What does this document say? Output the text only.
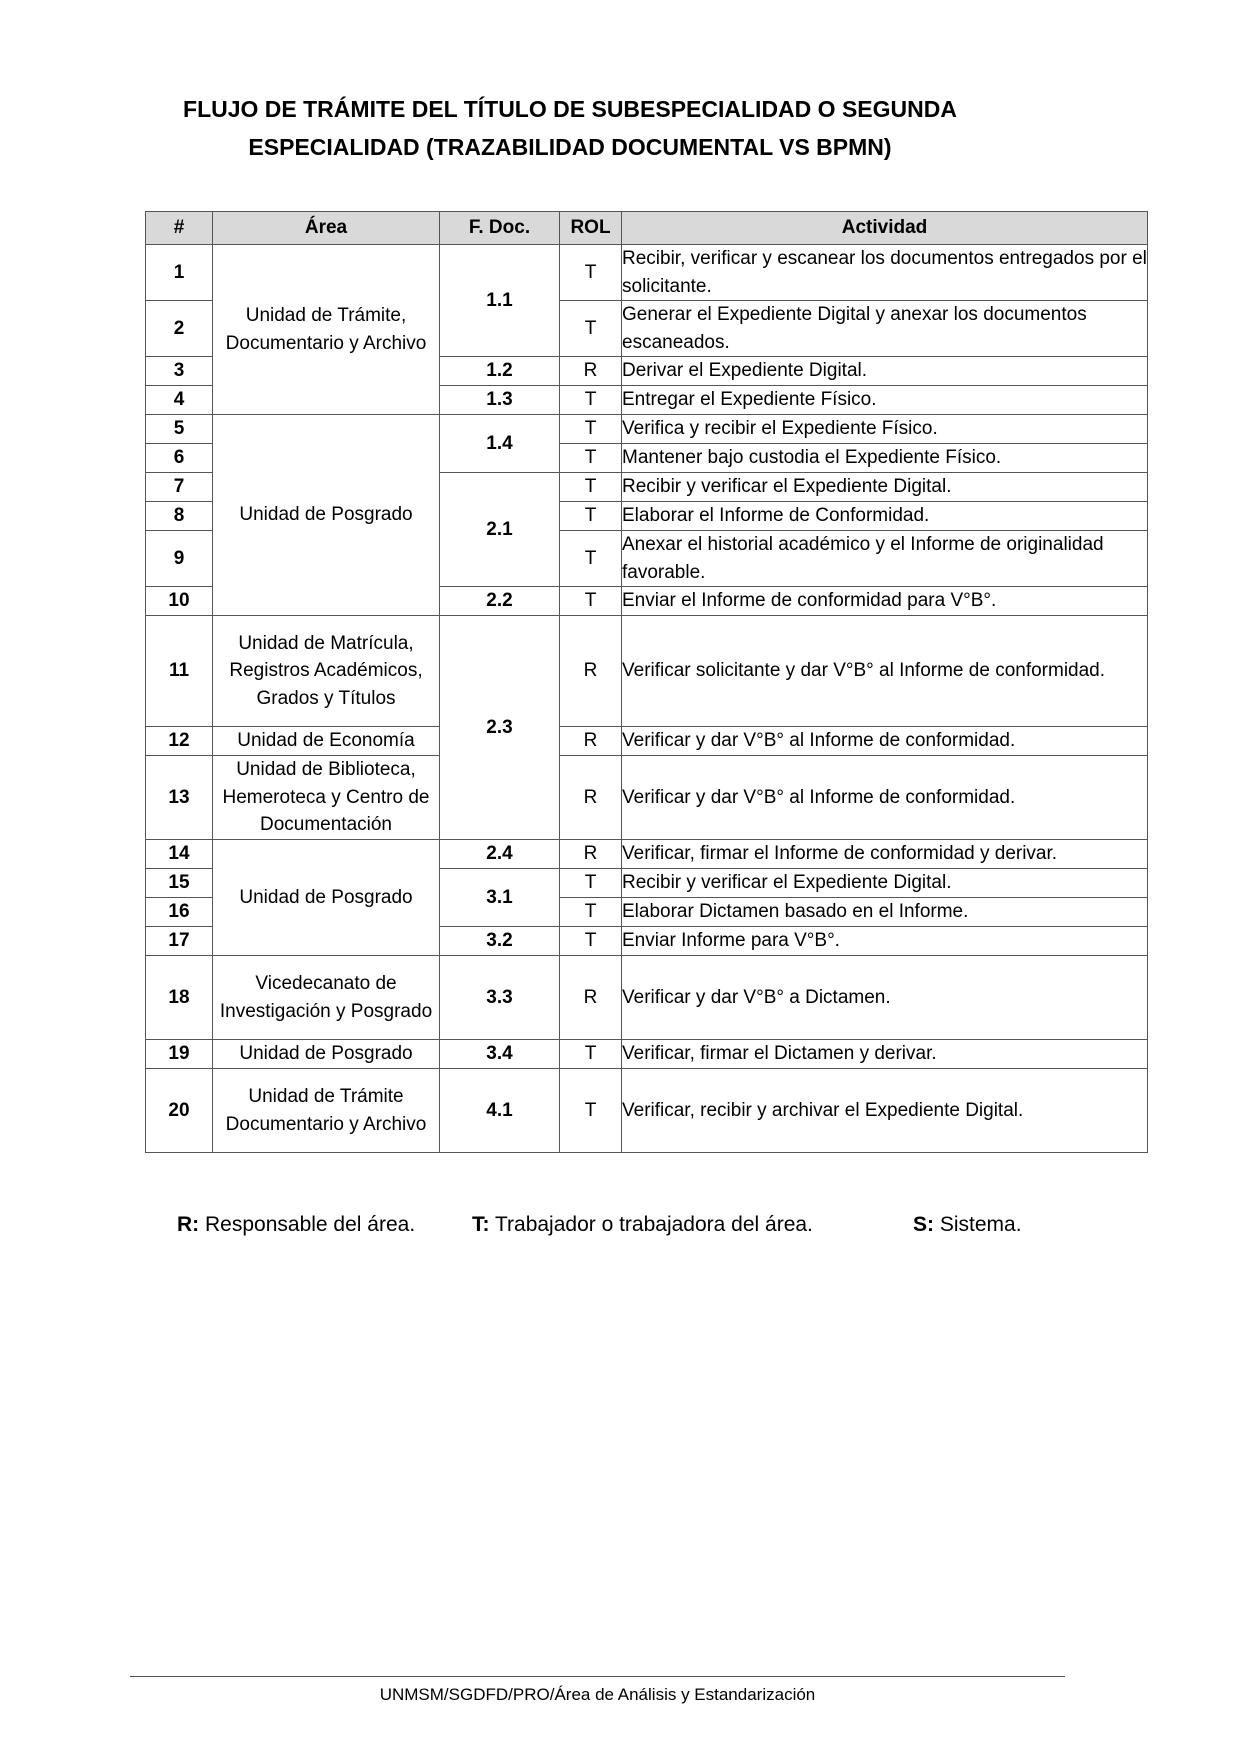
FLUJO DE TRÁMITE DEL TÍTULO DE SUBESPECIALIDAD O SEGUNDA
ESPECIALIDAD (TRAZABILIDAD DOCUMENTAL VS BPMN)
#	Área	F. Doc.	ROL	Actividad
1	Unidad de Trámite, Documentario y Archivo	1.1	T	Recibir, verificar y escanear los documentos entregados por el solicitante.
2			T	Generar el Expediente Digital y anexar los documentos escaneados.
3		1.2	R	Derivar el Expediente Digital.
4		1.3	T	Entregar el Expediente Físico.
5	Unidad de Posgrado	1.4	T	Verifica y recibir el Expediente Físico.
6			T	Mantener bajo custodia el Expediente Físico.
7		2.1	T	Recibir y verificar el Expediente Digital.
8			T	Elaborar el Informe de Conformidad.
9			T	Anexar el historial académico y el Informe de originalidad favorable.
10		2.2	T	Enviar el Informe de conformidad para V°B°.
11	Unidad de Matrícula, Registros Académicos, Grados y Títulos	2.3	R	Verificar solicitante y dar V°B° al Informe de conformidad.
12	Unidad de Economía		R	Verificar y dar V°B° al Informe de conformidad.
13	Unidad de Biblioteca, Hemeroteca y Centro de Documentación		R	Verificar y dar V°B° al Informe de conformidad.
14	Unidad de Posgrado	2.4	R	Verificar, firmar el Informe de conformidad y derivar.
15		3.1	T	Recibir y verificar el Expediente Digital.
16			T	Elaborar Dictamen basado en el Informe.
17		3.2	T	Enviar Informe para V°B°.
18	Vicedecanato de Investigación y Posgrado	3.3	R	Verificar y dar V°B° a Dictamen.
19	Unidad de Posgrado	3.4	T	Verificar, firmar el Dictamen y derivar.
20	Unidad de Trámite Documentario y Archivo	4.1	T	Verificar, recibir y archivar el Expediente Digital.
R: Responsable del área.	T: Trabajador o trabajadora del área.	S: Sistema.
UNMSM/SGDFD/PRO/Área de Análisis y Estandarización
